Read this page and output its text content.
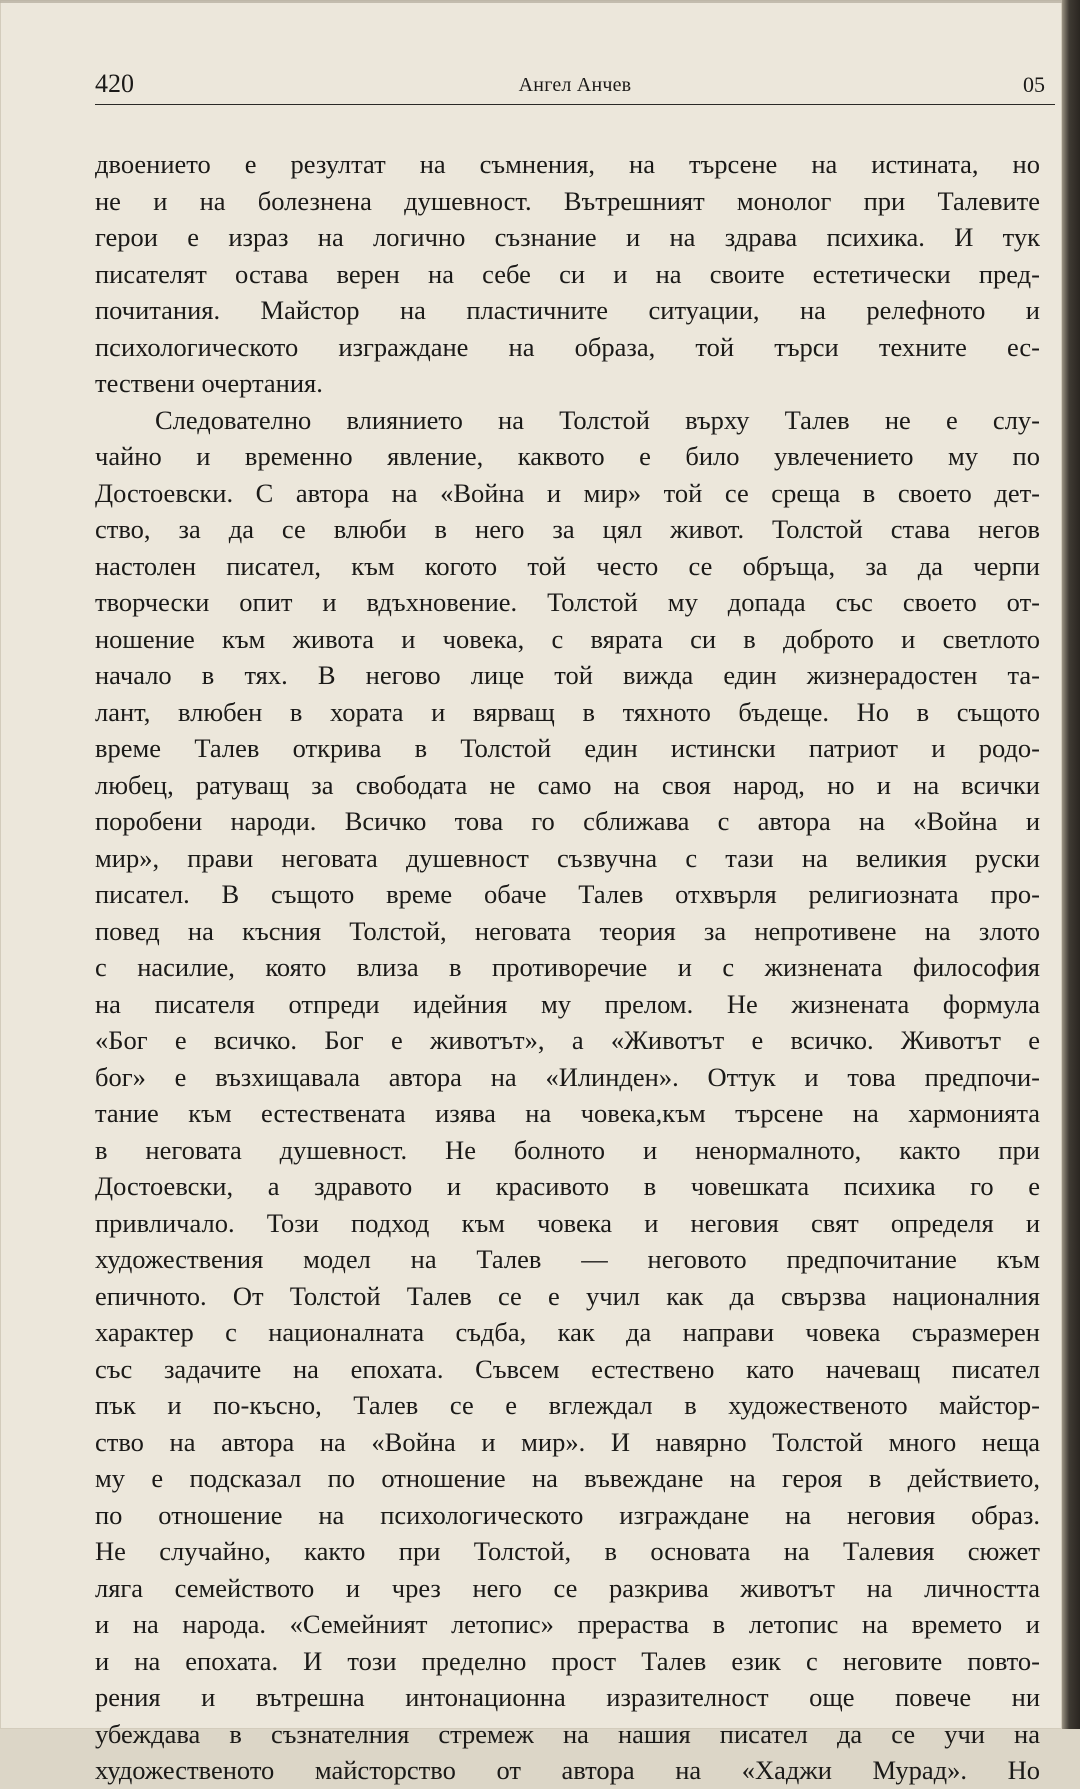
420	Ангел Анчев	05
двоението е резултат на съмнения, на търсене на истината, но
не и на болезнена душевност. Вътрешният монолог при Талевите
герои е израз на логично съзнание и на здрава психика. И тук
писателят остава верен на себе си и на своите естетически пред-
почитания. Майстор на пластичните ситуации, на релефното и
психологическото изграждане на образа, той търси техните ес-
тествени очертания.
Следователно влиянието на Толстой върху Талев не е слу-
чайно и временно явление, каквото е било увлечението му по
Достоевски. С автора на «Война и мир» той се среща в своето дет-
ство, за да се влюби в него за цял живот. Толстой става негов
настолен писател, към когото той често се обръща, за да черпи
творчески опит и вдъхновение. Толстой му допада със своето от-
ношение към живота и човека, с вярата си в доброто и светлото
начало в тях. В негово лице той вижда един жизнерадостен та-
лант, влюбен в хората и вярващ в тяхното бъдеще. Но в същото
време Талев открива в Толстой един истински патриот и родо-
любец, ратуващ за свободата не само на своя народ, но и на всички
поробени народи. Всичко това го сближава с автора на «Война и
мир», прави неговата душевност съзвучна с тази на великия руски
писател. В същото време обаче Талев отхвърля религиозната про-
повед на късния Толстой, неговата теория за непротивене на злото
с насилие, която влиза в противоречие и с жизнената философия
на писателя отпреди идейния му прелом. Не жизнената формула
«Бог е всичко. Бог е животът», а «Животът е всичко. Животът е
бог» е възхищавала автора на «Илинден». Оттук и това предпочи-
тание към естествената изява на човека,към търсене на хармонията
в неговата душевност. Не болното и ненормалното, както при
Достоевски, а здравото и красивото в човешката психика го е
привличало. Този подход към човека и неговия свят определя и
художествения модел на Талев — неговото предпочитание към
епичното. От Толстой Талев се е учил как да свързва националния
характер с националната съдба, как да направи човека съразмерен
със задачите на епохата. Съвсем естествено като начеващ писател
пък и по-късно, Талев се е вглеждал в художественото майстор-
ство на автора на «Война и мир». И навярно Толстой много неща
му е подсказал по отношение на въвеждане на героя в действието,
по отношение на психологическото изграждане на неговия образ.
Не случайно, както при Толстой, в основата на Талевия сюжет
ляга семейството и чрез него се разкрива животът на личността
и на народа. «Семейният летопис» прераства в летопис на времето и
и на епохата. И този пределно прост Талев език с неговите повто-
рения и вътрешна интонационна изразителност още повече ни
убеждава в съзнателния стремеж на нашия писател да се учи на
художественото майсторство от автора на «Хаджи Мурад». Но
